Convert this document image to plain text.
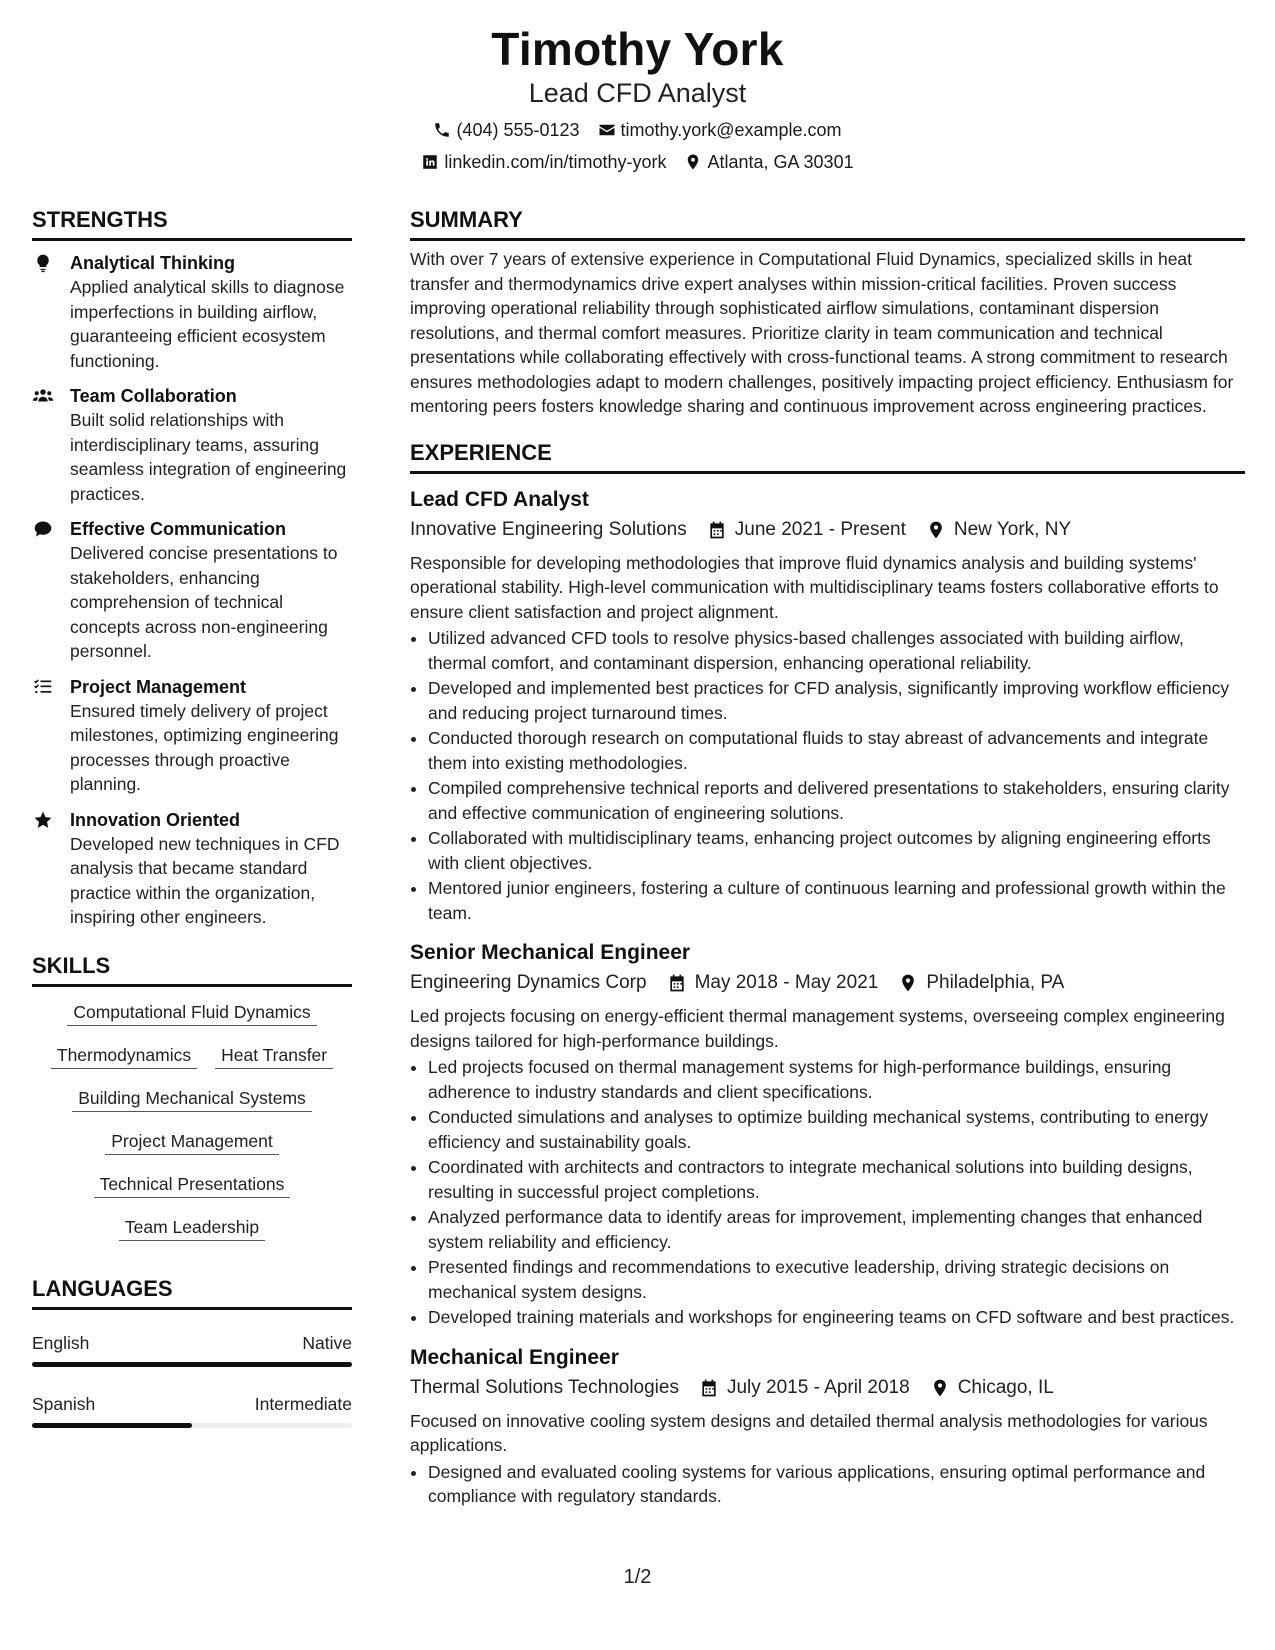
Timothy York
Lead CFD Analyst
(404) 555-0123 timothy.york@example.com
linkedin.com/in/timothy-york Atlanta, GA 30301
STRENGTHS
Analytical Thinking
Applied analytical skills to diagnose imperfections in building airflow, guaranteeing efficient ecosystem functioning.
Team Collaboration
Built solid relationships with interdisciplinary teams, assuring seamless integration of engineering practices.
Effective Communication
Delivered concise presentations to stakeholders, enhancing comprehension of technical concepts across non-engineering personnel.
Project Management
Ensured timely delivery of project milestones, optimizing engineering processes through proactive planning.
Innovation Oriented
Developed new techniques in CFD analysis that became standard practice within the organization, inspiring other engineers.
SKILLS
Computational Fluid Dynamics
Thermodynamics	Heat Transfer
Building Mechanical Systems
Project Management
Technical Presentations
Team Leadership
LANGUAGES
English	Native
Spanish	Intermediate
SUMMARY
With over 7 years of extensive experience in Computational Fluid Dynamics, specialized skills in heat transfer and thermodynamics drive expert analyses within mission-critical facilities. Proven success improving operational reliability through sophisticated airflow simulations, contaminant dispersion resolutions, and thermal comfort measures. Prioritize clarity in team communication and technical presentations while collaborating effectively with cross-functional teams. A strong commitment to research ensures methodologies adapt to modern challenges, positively impacting project efficiency. Enthusiasm for mentoring peers fosters knowledge sharing and continuous improvement across engineering practices.
EXPERIENCE
Lead CFD Analyst
Innovative Engineering Solutions	June 2021 - Present	New York, NY
Responsible for developing methodologies that improve fluid dynamics analysis and building systems' operational stability. High-level communication with multidisciplinary teams fosters collaborative efforts to ensure client satisfaction and project alignment.
• Utilized advanced CFD tools to resolve physics-based challenges associated with building airflow, thermal comfort, and contaminant dispersion, enhancing operational reliability.
• Developed and implemented best practices for CFD analysis, significantly improving workflow efficiency and reducing project turnaround times.
• Conducted thorough research on computational fluids to stay abreast of advancements and integrate them into existing methodologies.
• Compiled comprehensive technical reports and delivered presentations to stakeholders, ensuring clarity and effective communication of engineering solutions.
• Collaborated with multidisciplinary teams, enhancing project outcomes by aligning engineering efforts with client objectives.
• Mentored junior engineers, fostering a culture of continuous learning and professional growth within the team.
Senior Mechanical Engineer
Engineering Dynamics Corp	May 2018 - May 2021	Philadelphia, PA
Led projects focusing on energy-efficient thermal management systems, overseeing complex engineering designs tailored for high-performance buildings.
• Led projects focused on thermal management systems for high-performance buildings, ensuring adherence to industry standards and client specifications.
• Conducted simulations and analyses to optimize building mechanical systems, contributing to energy efficiency and sustainability goals.
• Coordinated with architects and contractors to integrate mechanical solutions into building designs, resulting in successful project completions.
• Analyzed performance data to identify areas for improvement, implementing changes that enhanced system reliability and efficiency.
• Presented findings and recommendations to executive leadership, driving strategic decisions on mechanical system designs.
• Developed training materials and workshops for engineering teams on CFD software and best practices.
Mechanical Engineer
Thermal Solutions Technologies	July 2015 - April 2018	Chicago, IL
Focused on innovative cooling system designs and detailed thermal analysis methodologies for various applications.
• Designed and evaluated cooling systems for various applications, ensuring optimal performance and compliance with regulatory standards.
1/2
